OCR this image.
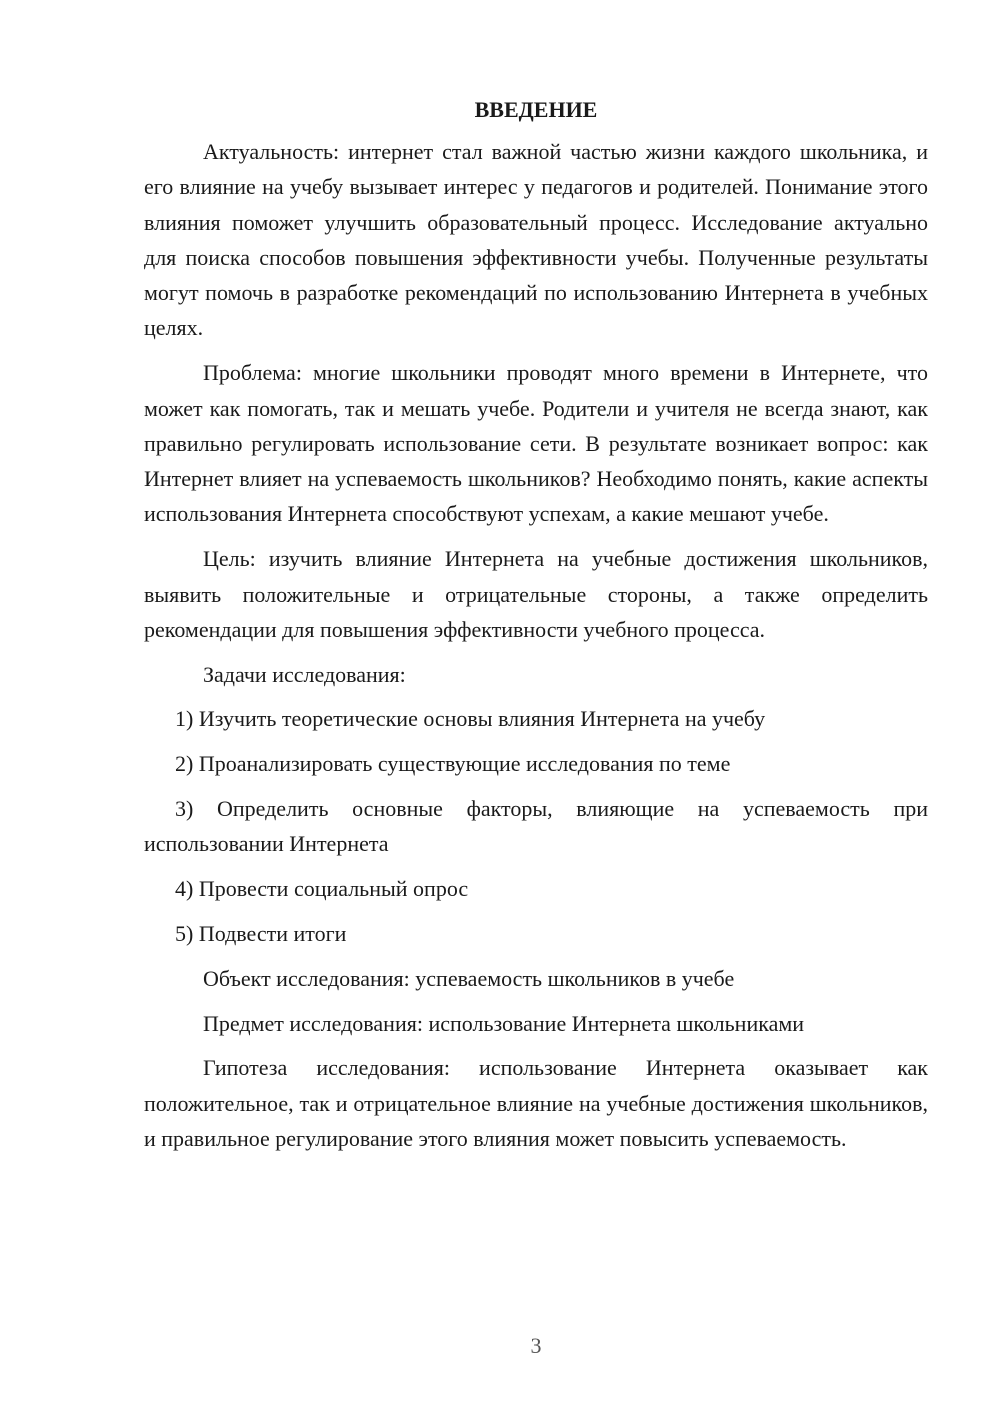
ВВЕДЕНИЕ

Актуальность: интернет стал важной частью жизни каждого школьника, и его влияние на учебу вызывает интерес у педагогов и родителей. Понимание этого влияния поможет улучшить образовательный процесс. Исследование актуально для поиска способов повышения эффективности учебы. Полученные результаты могут помочь в разработке рекомендаций по использованию Интернета в учебных целях.

Проблема: многие школьники проводят много времени в Интернете, что может как помогать, так и мешать учебе. Родители и учителя не всегда знают, как правильно регулировать использование сети. В результате возникает вопрос: как Интернет влияет на успеваемость школьников? Необходимо понять, какие аспекты использования Интернета способствуют успехам, а какие мешают учебе.

Цель: изучить влияние Интернета на учебные достижения школьников, выявить положительные и отрицательные стороны, а также определить рекомендации для повышения эффективности учебного процесса.

Задачи исследования:

1) Изучить теоретические основы влияния Интернета на учебу

2) Проанализировать существующие исследования по теме

3) Определить основные факторы, влияющие на успеваемость при использовании Интернета

4) Провести социальный опрос

5) Подвести итоги

Объект исследования: успеваемость школьников в учебе

Предмет исследования: использование Интернета школьниками

Гипотеза исследования: использование Интернета оказывает как положительное, так и отрицательное влияние на учебные достижения школьников, и правильное регулирование этого влияния может повысить успеваемость.

3
